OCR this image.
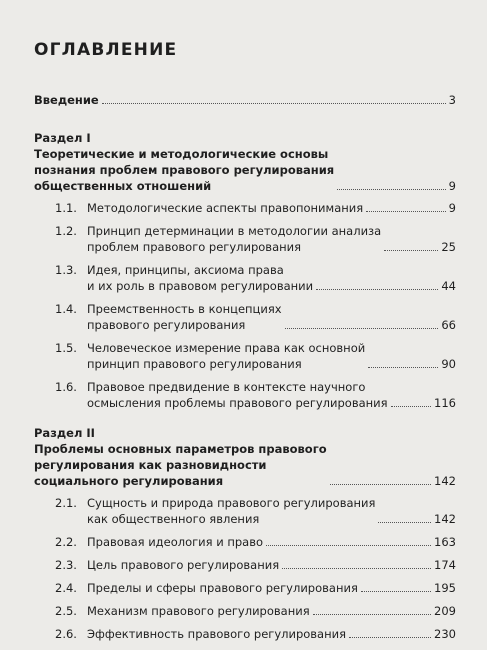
ОГЛАВЛЕНИЕ
Введение	3
Раздел I
Теоретические и методологические основы
познания проблем правового регулирования
общественных отношений	9
1.1. Методологические аспекты правопонимания	9
1.2. Принцип детерминации в методологии анализа
проблем правового регулирования	25
1.3. Идея, принципы, аксиома права
и их роль в правовом регулировании	44
1.4. Преемственность в концепциях
правового регулирования	66
1.5. Человеческое измерение права как основной
принцип правового регулирования	90
1.6. Правовое предвидение в контексте научного
осмысления проблемы правового регулирования	116
Раздел II
Проблемы основных параметров правового
регулирования как разновидности
социального регулирования	142
2.1. Сущность и природа правового регулирования
как общественного явления	142
2.2. Правовая идеология и право	163
2.3. Цель правового регулирования	174
2.4. Пределы и сферы правового регулирования	195
2.5. Механизм правового регулирования	209
2.6. Эффективность правового регулирования	230
